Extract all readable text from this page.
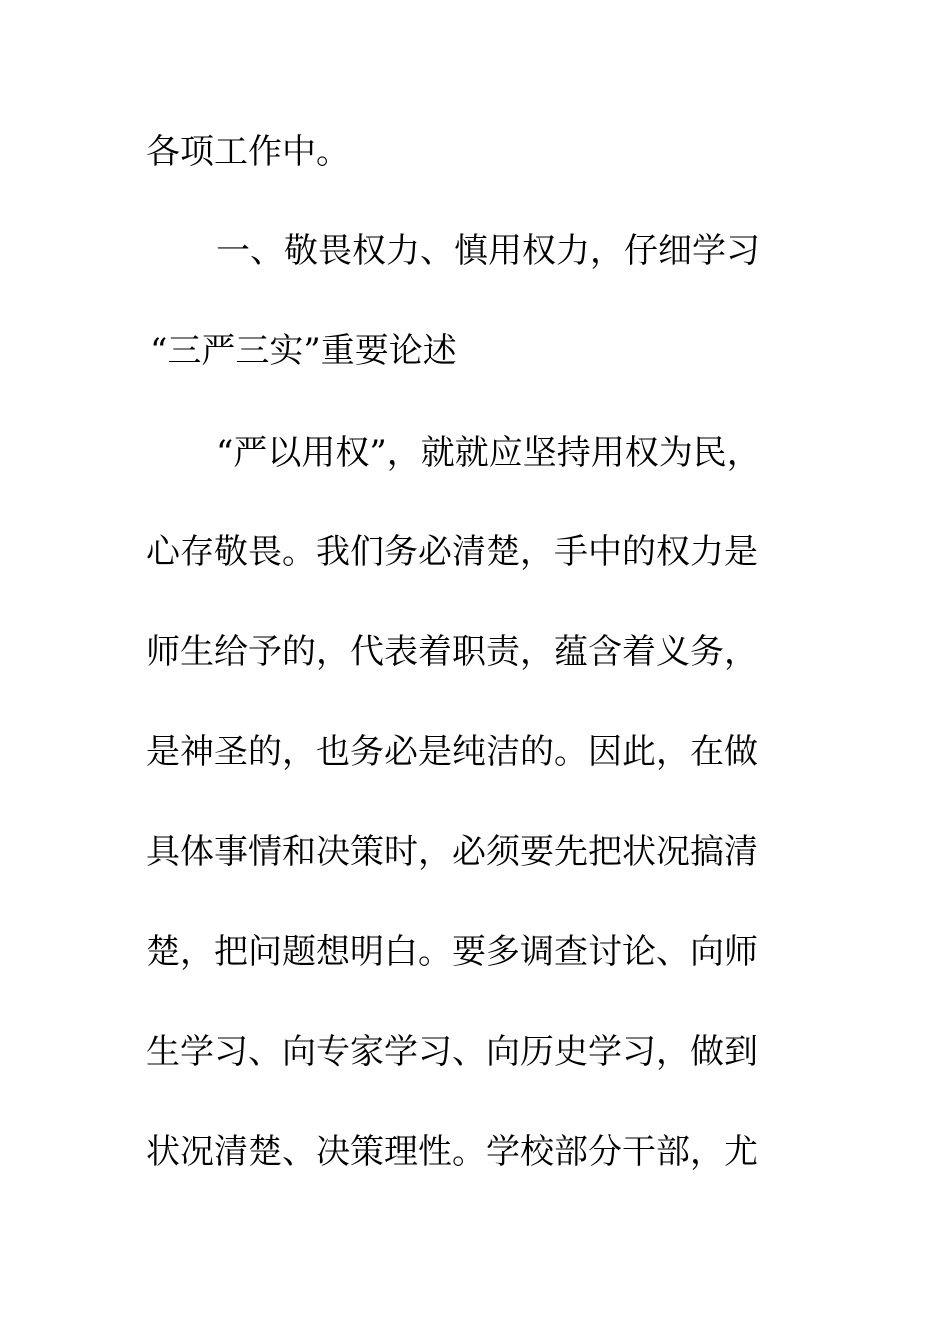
各项工作中。
一、敬畏权力、慎用权力，仔细学习
“三严三实”重要论述
“严以用权”，就就应坚持用权为民，
心存敬畏。我们务必清楚，手中的权力是
师生给予的，代表着职责，蕴含着义务，
是神圣的，也务必是纯洁的。因此，在做
具体事情和决策时，必须要先把状况搞清
楚，把问题想明白。要多调查讨论、向师
生学习、向专家学习、向历史学习，做到
状况清楚、决策理性。学校部分干部，尤
